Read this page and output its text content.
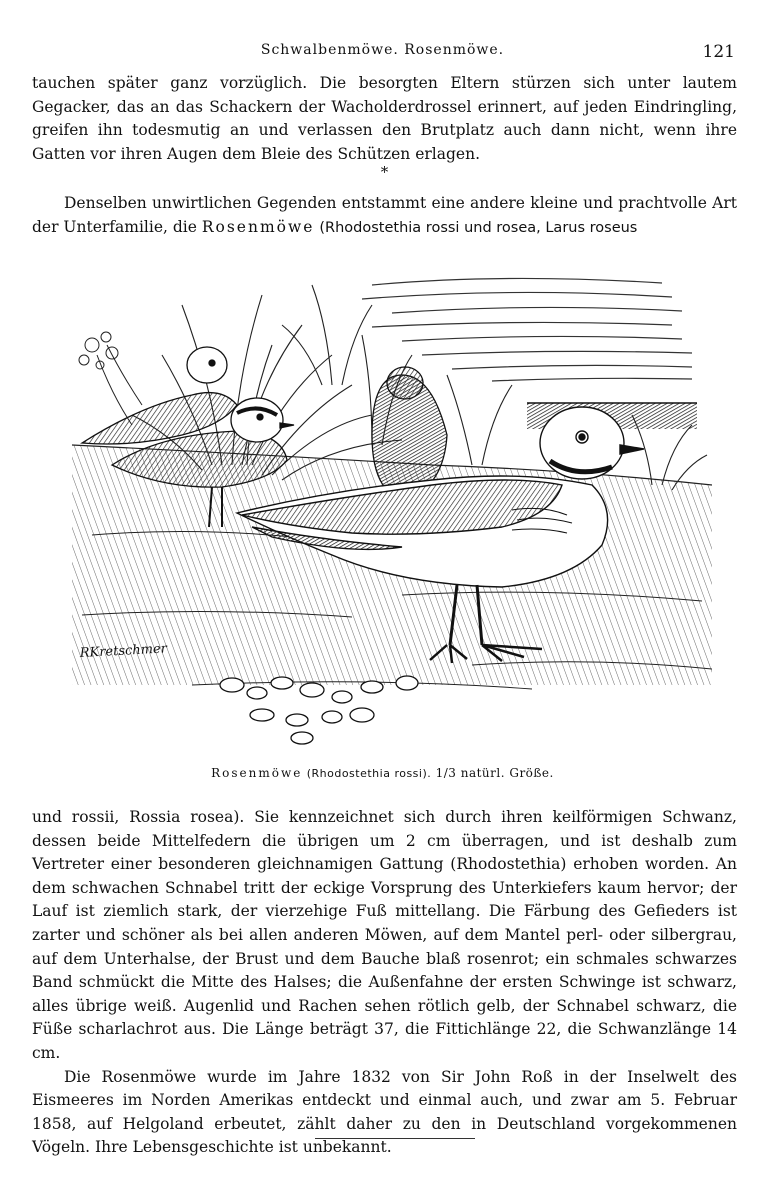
Schwalbenmöwe. Rosenmöwe.	121

tauchen später ganz vorzüglich. Die besorgten Eltern stürzen sich unter lautem Gegacker, das an das Schackern der Wacholderdrossel erinnert, auf jeden Eindringling, greifen ihn todesmutig an und verlassen den Brutplatz auch dann nicht, wenn ihre Gatten vor ihren Augen dem Bleie des Schützen erlagen.

*

Denselben unwirtlichen Gegenden entstammt eine andere kleine und prachtvolle Art der Unterfamilie, die Rosenmöwe (Rhodostethia rossi und rosea, Larus roseus

RKretschmer
Rosenmöwe (Rhodostethia rossi). 1/3 natürl. Größe.

und rossii, Rossia rosea). Sie kennzeichnet sich durch ihren keilförmigen Schwanz, dessen beide Mittelfedern die übrigen um 2 cm überragen, und ist deshalb zum Vertreter einer besonderen gleichnamigen Gattung (Rhodostethia) erhoben worden. An dem schwachen Schnabel tritt der eckige Vorsprung des Unterkiefers kaum hervor; der Lauf ist ziemlich stark, der vierzehige Fuß mittellang. Die Färbung des Gefieders ist zarter und schöner als bei allen anderen Möwen, auf dem Mantel perl- oder silbergrau, auf dem Unterhalse, der Brust und dem Bauche blaß rosenrot; ein schmales schwarzes Band schmückt die Mitte des Halses; die Außenfahne der ersten Schwinge ist schwarz, alles übrige weiß. Augenlid und Rachen sehen rötlich gelb, der Schnabel schwarz, die Füße scharlachrot aus. Die Länge beträgt 37, die Fittichlänge 22, die Schwanzlänge 14 cm.

Die Rosenmöwe wurde im Jahre 1832 von Sir John Roß in der Inselwelt des Eismeeres im Norden Amerikas entdeckt und einmal auch, und zwar am 5. Februar 1858, auf Helgoland erbeutet, zählt daher zu den in Deutschland vorgekommenen Vögeln. Ihre Lebensgeschichte ist unbekannt.
